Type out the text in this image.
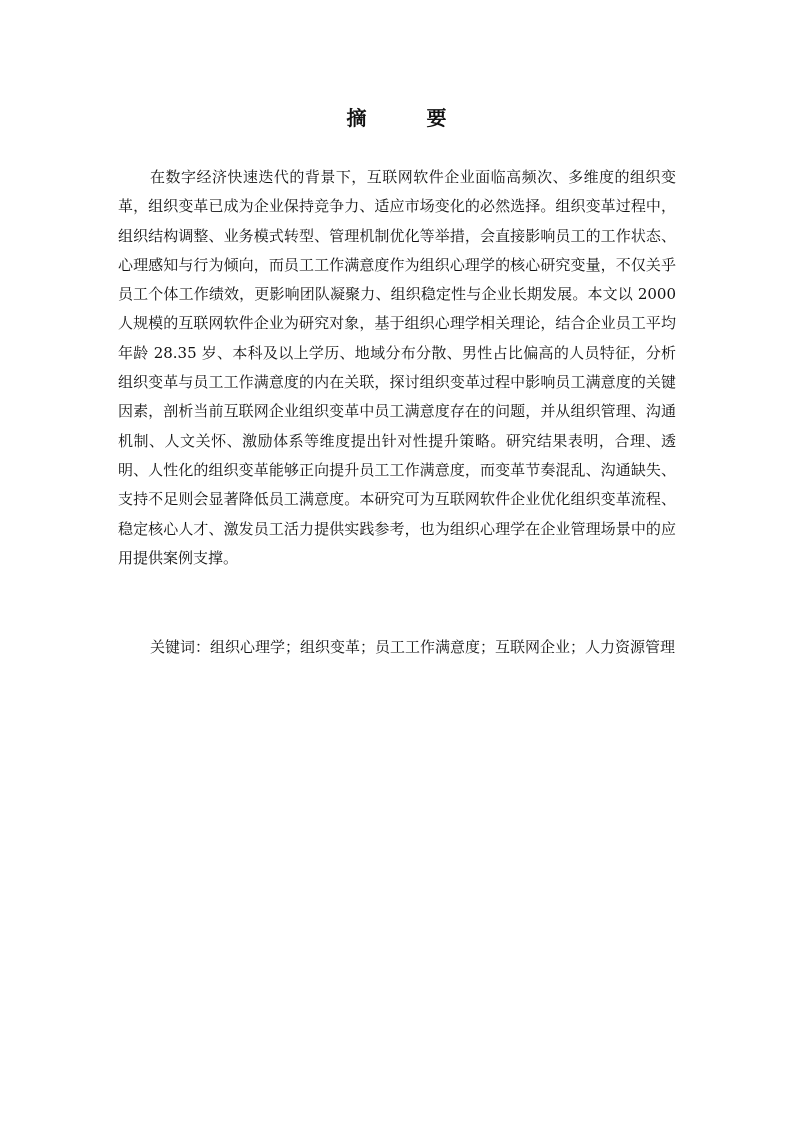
摘　要

在数字经济快速迭代的背景下，互联网软件企业面临高频次、多维度的组织变革，组织变革已成为企业保持竞争力、适应市场变化的必然选择。组织变革过程中，组织结构调整、业务模式转型、管理机制优化等举措，会直接影响员工的工作状态、心理感知与行为倾向，而员工工作满意度作为组织心理学的核心研究变量，不仅关乎员工个体工作绩效，更影响团队凝聚力、组织稳定性与企业长期发展。本文以 2000 人规模的互联网软件企业为研究对象，基于组织心理学相关理论，结合企业员工平均年龄 28.35 岁、本科及以上学历、地域分布分散、男性占比偏高的人员特征，分析组织变革与员工工作满意度的内在关联，探讨组织变革过程中影响员工满意度的关键因素，剖析当前互联网企业组织变革中员工满意度存在的问题，并从组织管理、沟通机制、人文关怀、激励体系等维度提出针对性提升策略。研究结果表明，合理、透明、人性化的组织变革能够正向提升员工工作满意度，而变革节奏混乱、沟通缺失、支持不足则会显著降低员工满意度。本研究可为互联网软件企业优化组织变革流程、稳定核心人才、激发员工活力提供实践参考，也为组织心理学在企业管理场景中的应用提供案例支撑。

关键词：组织心理学；组织变革；员工工作满意度；互联网企业；人力资源管理
